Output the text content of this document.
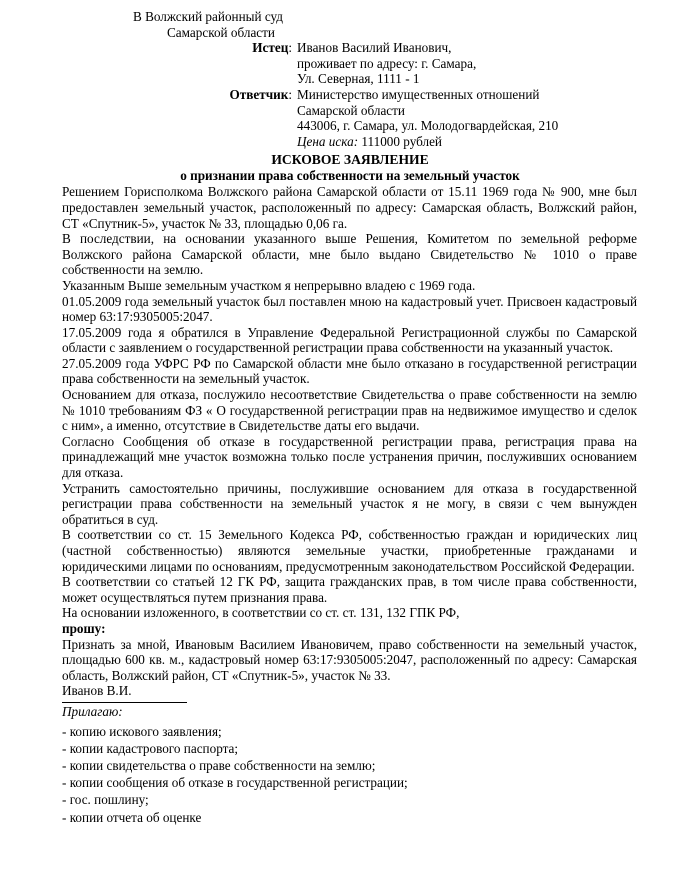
В Волжский районный суд
Самарской области
Истец: Иванов Василий Иванович,
проживает по адресу: г. Самара,
Ул. Северная, 1111 - 1
Ответчик: Министерство имущественных отношений
Самарской области
443006, г. Самара, ул. Молодогвардейская, 210
Цена иска: 111000 рублей
ИСКОВОЕ ЗАЯВЛЕНИЕ
о признании права собственности на земельный участок

Решением Горисполкома Волжского района Самарской области от 15.11 1969 года № 900, мне был предоставлен земельный участок, расположенный по адресу: Самарская область, Волжский район, СТ «Спутник-5», участок № 33, площадью 0,06 га.

В последствии, на основании указанного выше Решения, Комитетом по земельной реформе Волжского района Самарской области, мне было выдано Свидетельство № 1010 о праве собственности на землю.

Указанным Выше земельным участком я непрерывно владею с 1969 года.

01.05.2009 года земельный участок был поставлен мною на кадастровый учет. Присвоен кадастровый номер 63:17:9305005:2047.

17.05.2009 года я обратился в Управление Федеральной Регистрационной службы по Самарской области с заявлением о государственной регистрации права собственности на указанный участок.

27.05.2009 года УФРС РФ по Самарской области мне было отказано в государственной регистрации права собственности на земельный участок.

Основанием для отказа, послужило несоответствие Свидетельства о праве собственности на землю № 1010 требованиям ФЗ « О государственной регистрации прав на недвижимое имущество и сделок с ним», а именно, отсутствие в Свидетельстве даты его выдачи.

Согласно Сообщения об отказе в государственной регистрации права, регистрация права на принадлежащий мне участок возможна только после устранения причин, послуживших основанием для отказа.

Устранить самостоятельно причины, послужившие основанием для отказа в государственной регистрации права собственности на земельный участок я не могу, в связи с чем вынужден обратиться в суд.

В соответствии со ст. 15 Земельного Кодекса РФ, собственностью граждан и юридических лиц (частной собственностью) являются земельные участки, приобретенные гражданами и юридическими лицами по основаниям, предусмотренным законодательством Российской Федерации.

В соответствии со статьей 12 ГК РФ, защита гражданских прав, в том числе права собственности, может осуществляться путем признания права.

На основании изложенного, в соответствии со ст. ст. 131, 132 ГПК РФ,

прошу:

Признать за мной, Ивановым Василием Ивановичем, право собственности на земельный участок, площадью 600 кв. м., кадастровый номер 63:17:9305005:2047, расположенный по адресу: Самарская область, Волжский район, СТ «Спутник-5», участок № 33.

Иванов В.И.

Прилагаю:
- копию искового заявления;
- копии кадастрового паспорта;
- копии свидетельства о праве собственности на землю;
- копии сообщения об отказе в государственной регистрации;
- гос. пошлину;
- копии отчета об оценке
